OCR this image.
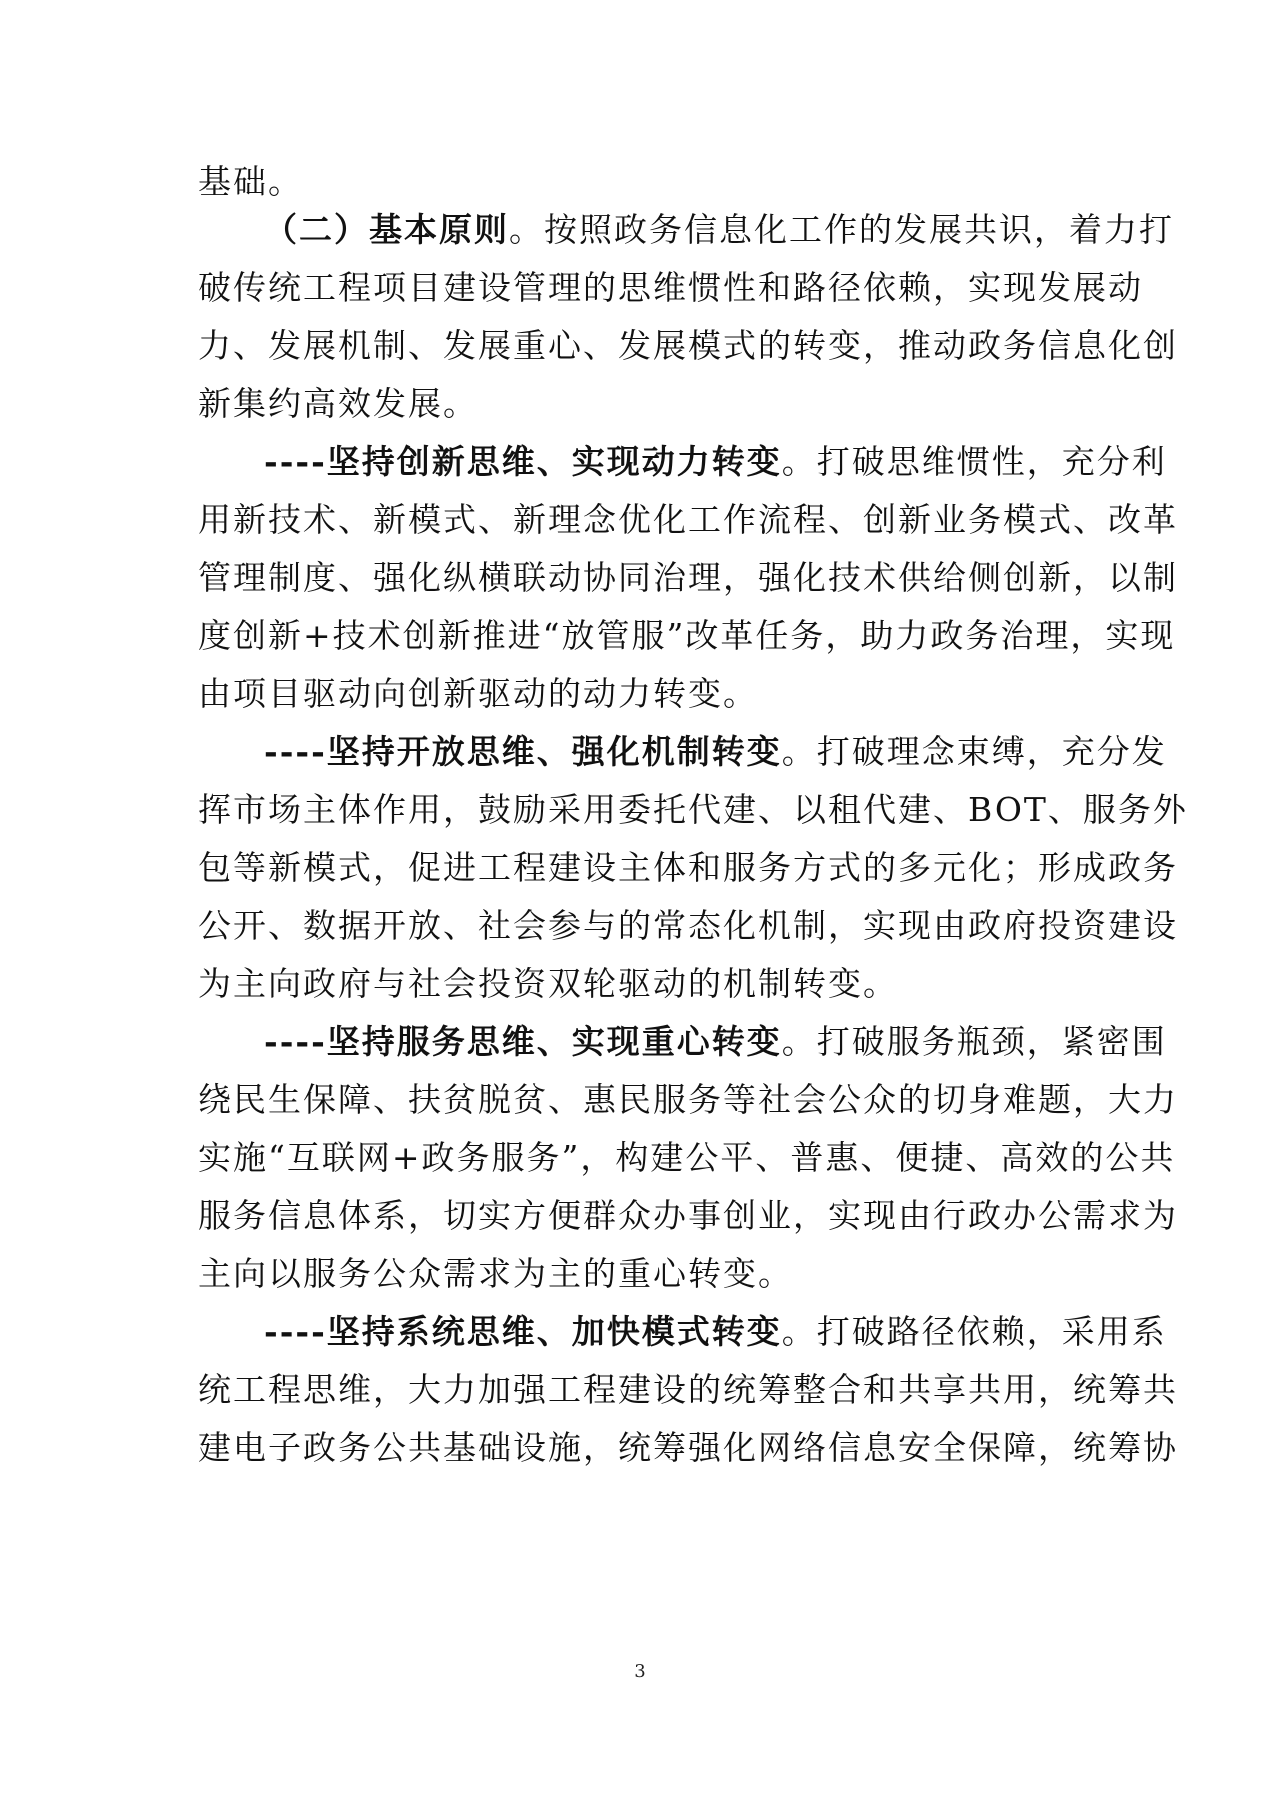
基础。
（二）基本原则。按照政务信息化工作的发展共识，着力打
破传统工程项目建设管理的思维惯性和路径依赖，实现发展动
力、发展机制、发展重心、发展模式的转变，推动政务信息化创
新集约高效发展。
----坚持创新思维、实现动力转变。打破思维惯性，充分利
用新技术、新模式、新理念优化工作流程、创新业务模式、改革
管理制度、强化纵横联动协同治理，强化技术供给侧创新，以制
度创新+技术创新推进“放管服”改革任务，助力政务治理，实现
由项目驱动向创新驱动的动力转变。
----坚持开放思维、强化机制转变。打破理念束缚，充分发
挥市场主体作用，鼓励采用委托代建、以租代建、BOT、服务外
包等新模式，促进工程建设主体和服务方式的多元化；形成政务
公开、数据开放、社会参与的常态化机制，实现由政府投资建设
为主向政府与社会投资双轮驱动的机制转变。
----坚持服务思维、实现重心转变。打破服务瓶颈，紧密围
绕民生保障、扶贫脱贫、惠民服务等社会公众的切身难题，大力
实施“互联网+政务服务”，构建公平、普惠、便捷、高效的公共
服务信息体系，切实方便群众办事创业，实现由行政办公需求为
主向以服务公众需求为主的重心转变。
----坚持系统思维、加快模式转变。打破路径依赖，采用系
统工程思维，大力加强工程建设的统筹整合和共享共用，统筹共
建电子政务公共基础设施，统筹强化网络信息安全保障，统筹协
3
